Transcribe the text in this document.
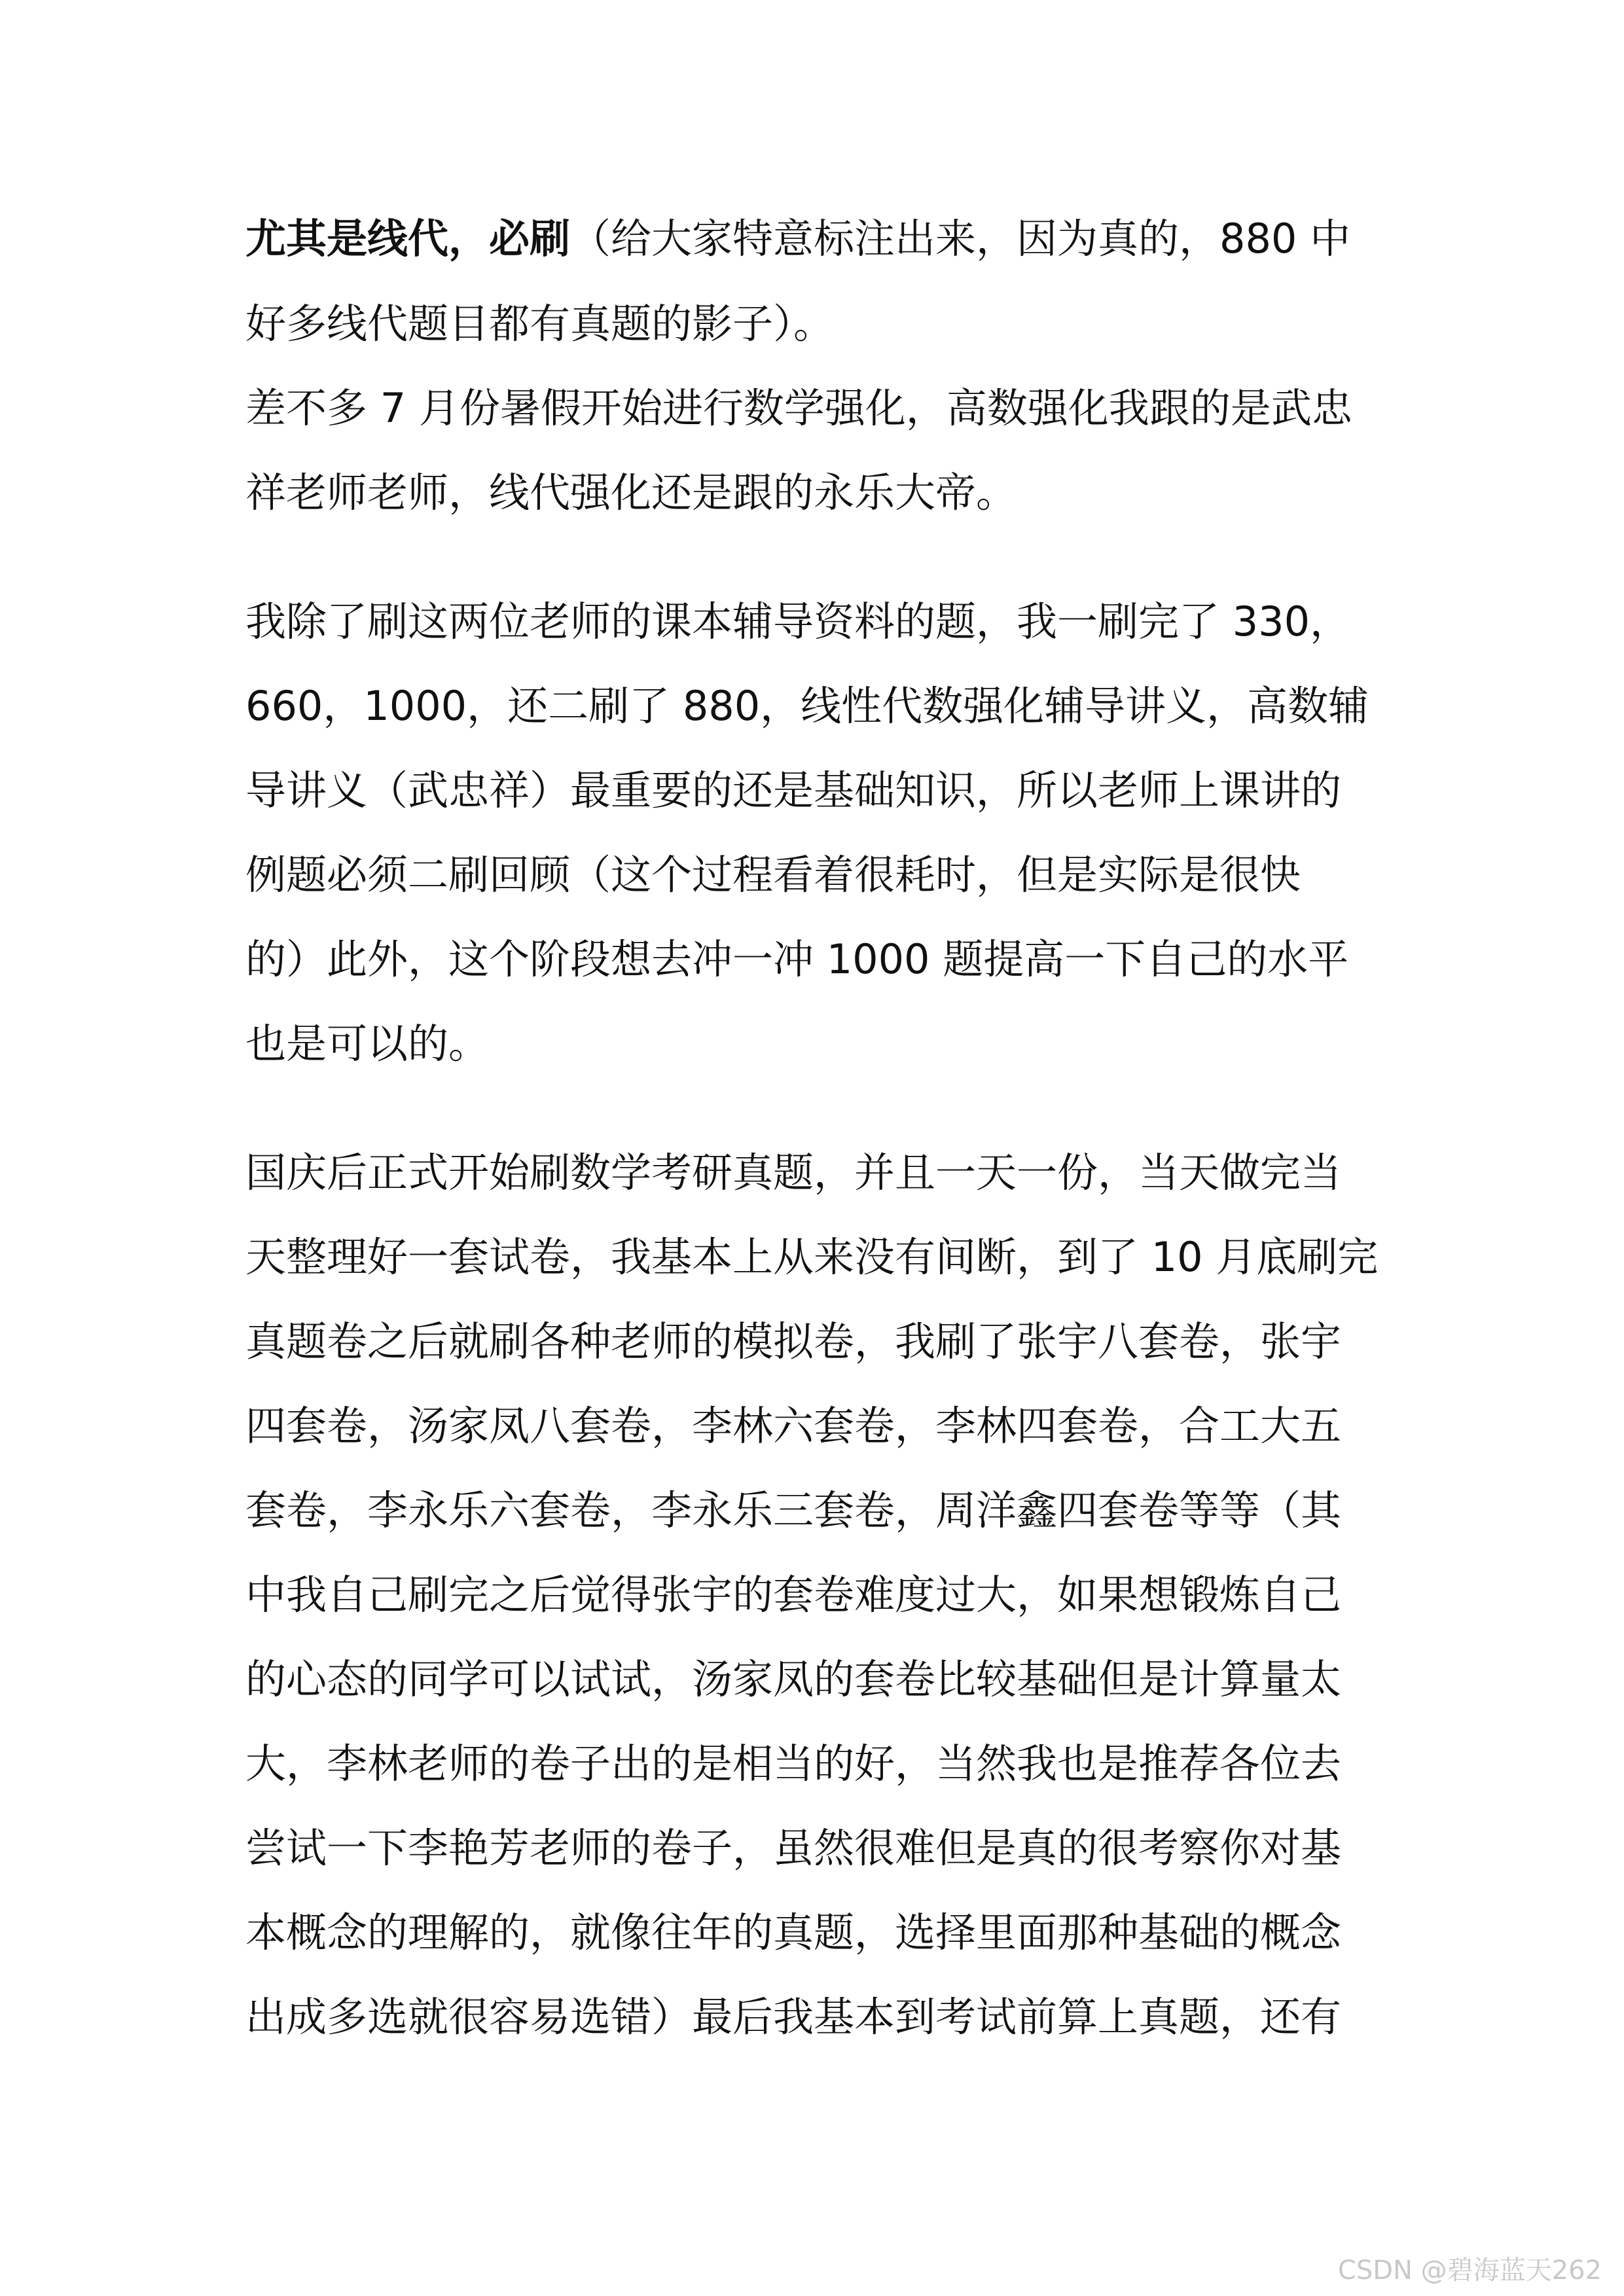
尤其是线代，必刷（给大家特意标注出来，因为真的，880 中
好多线代题目都有真题的影子）。
差不多 7 月份暑假开始进行数学强化，高数强化我跟的是武忠
祥老师老师，线代强化还是跟的永乐大帝。
我除了刷这两位老师的课本辅导资料的题，我一刷完了 330，
660，1000，还二刷了 880，线性代数强化辅导讲义，高数辅
导讲义（武忠祥）最重要的还是基础知识，所以老师上课讲的
例题必须二刷回顾（这个过程看着很耗时，但是实际是很快
的）此外，这个阶段想去冲一冲 1000 题提高一下自己的水平
也是可以的。
国庆后正式开始刷数学考研真题，并且一天一份，当天做完当
天整理好一套试卷，我基本上从来没有间断，到了 10 月底刷完
真题卷之后就刷各种老师的模拟卷，我刷了张宇八套卷，张宇
四套卷，汤家凤八套卷，李林六套卷，李林四套卷，合工大五
套卷，李永乐六套卷，李永乐三套卷，周洋鑫四套卷等等（其
中我自己刷完之后觉得张宇的套卷难度过大，如果想锻炼自己
的心态的同学可以试试，汤家凤的套卷比较基础但是计算量太
大，李林老师的卷子出的是相当的好，当然我也是推荐各位去
尝试一下李艳芳老师的卷子，虽然很难但是真的很考察你对基
本概念的理解的，就像往年的真题，选择里面那种基础的概念
出成多选就很容易选错）最后我基本到考试前算上真题，还有
CSDN @碧海蓝天262
